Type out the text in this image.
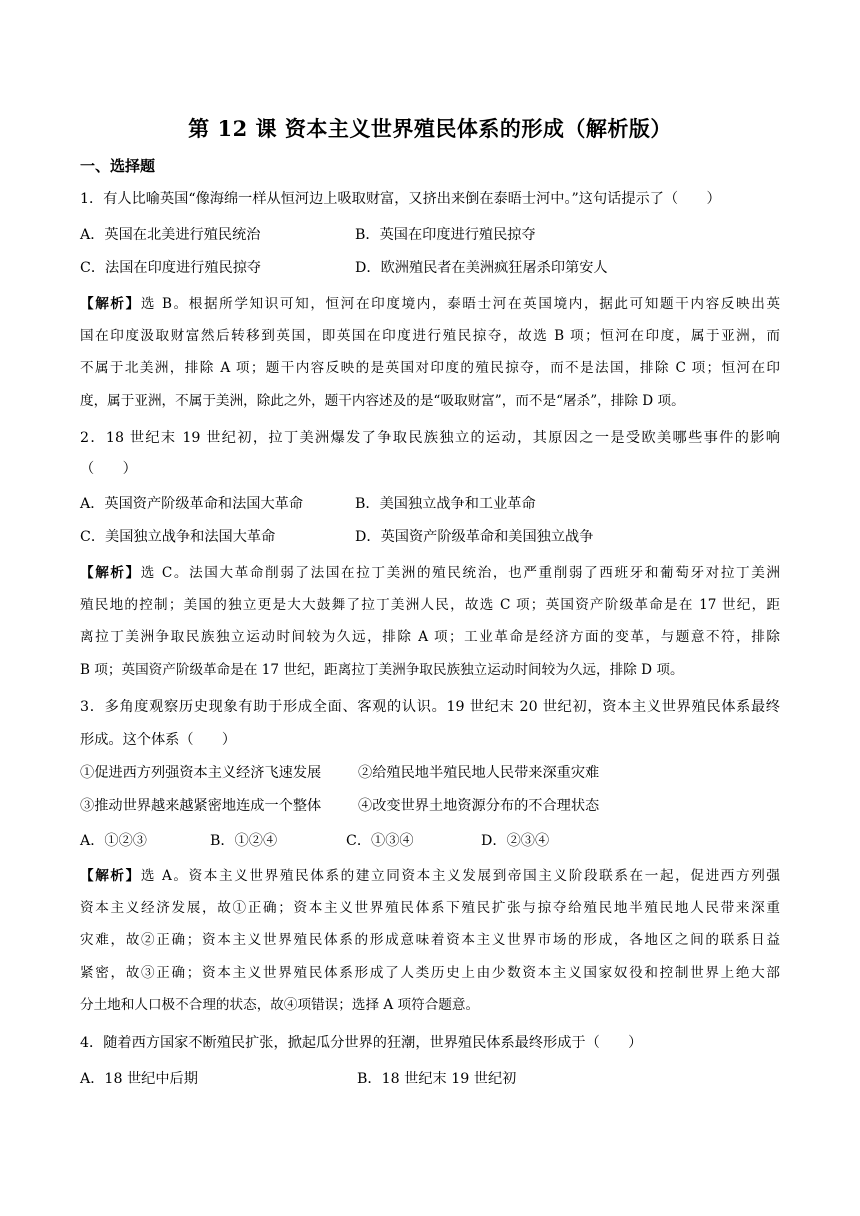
第 12 课 资本主义世界殖民体系的形成（解析版）
一、选择题
1．有人比喻英国“像海绵一样从恒河边上吸取财富，又挤出来倒在泰晤士河中。”这句话提示了（　　）
A．英国在北美进行殖民统治	B．英国在印度进行殖民掠夺
C．法国在印度进行殖民掠夺	D．欧洲殖民者在美洲疯狂屠杀印第安人
【解析】选 B。根据所学知识可知，恒河在印度境内，泰晤士河在英国境内，据此可知题干内容反映出英
国在印度汲取财富然后转移到英国，即英国在印度进行殖民掠夺，故选 B 项；恒河在印度，属于亚洲，而
不属于北美洲，排除 A 项；题干内容反映的是英国对印度的殖民掠夺，而不是法国，排除 C 项；恒河在印
度，属于亚洲，不属于美洲，除此之外，题干内容述及的是“吸取财富”，而不是“屠杀”，排除 D 项。
2．18 世纪末 19 世纪初，拉丁美洲爆发了争取民族独立的运动，其原因之一是受欧美哪些事件的影响
（　　）
A．英国资产阶级革命和法国大革命	B．美国独立战争和工业革命
C．美国独立战争和法国大革命	D．英国资产阶级革命和美国独立战争
【解析】选 C。法国大革命削弱了法国在拉丁美洲的殖民统治，也严重削弱了西班牙和葡萄牙对拉丁美洲
殖民地的控制；美国的独立更是大大鼓舞了拉丁美洲人民，故选 C 项；英国资产阶级革命是在 17 世纪，距
离拉丁美洲争取民族独立运动时间较为久远，排除 A 项；工业革命是经济方面的变革，与题意不符，排除
B 项；英国资产阶级革命是在 17 世纪，距离拉丁美洲争取民族独立运动时间较为久远，排除 D 项。
3．多角度观察历史现象有助于形成全面、客观的认识。19 世纪末 20 世纪初，资本主义世界殖民体系最终
形成。这个体系（　　）
①促进西方列强资本主义经济飞速发展	②给殖民地半殖民地人民带来深重灾难
③推动世界越来越紧密地连成一个整体	④改变世界土地资源分布的不合理状态
A．①②③	B．①②④	C．①③④	D．②③④
【解析】选 A。资本主义世界殖民体系的建立同资本主义发展到帝国主义阶段联系在一起，促进西方列强
资本主义经济发展，故①正确；资本主义世界殖民体系下殖民扩张与掠夺给殖民地半殖民地人民带来深重
灾难，故②正确；资本主义世界殖民体系的形成意味着资本主义世界市场的形成，各地区之间的联系日益
紧密，故③正确；资本主义世界殖民体系形成了人类历史上由少数资本主义国家奴役和控制世界上绝大部
分土地和人口极不合理的状态，故④项错误；选择 A 项符合题意。
4．随着西方国家不断殖民扩张，掀起瓜分世界的狂潮，世界殖民体系最终形成于（　　）
A．18 世纪中后期	B．18 世纪末 19 世纪初
